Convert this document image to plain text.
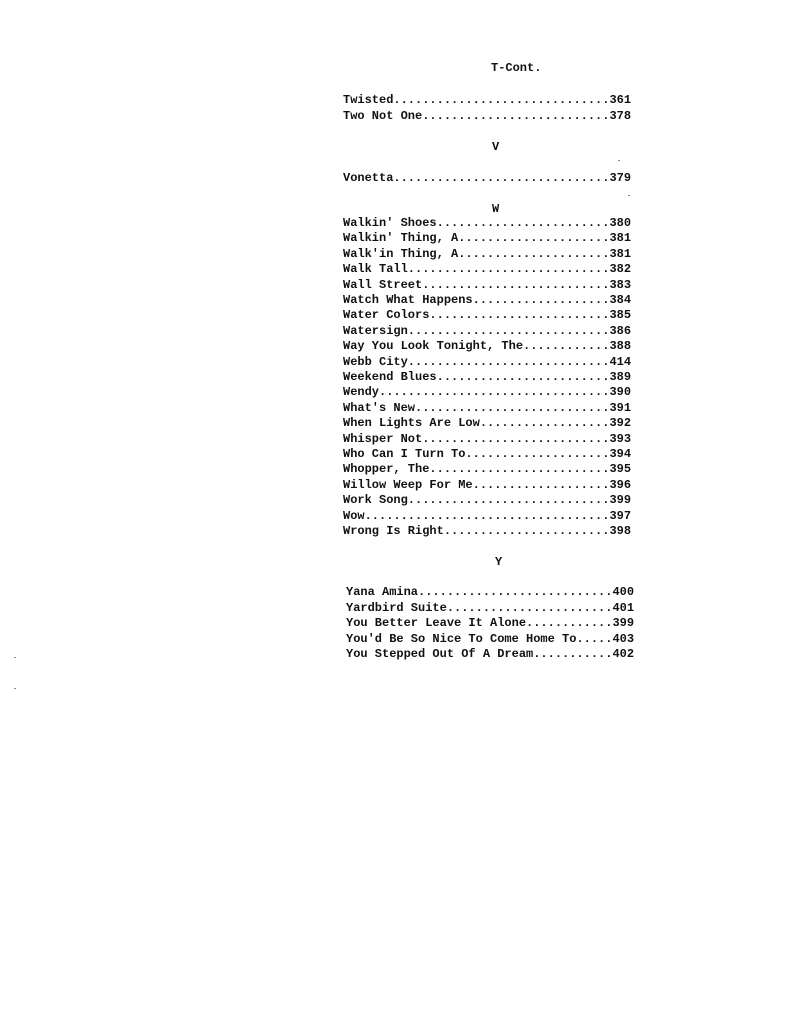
T-Cont.
Twisted..............................361
Two Not One..........................378
V
Vonetta..............................379
W
Walkin' Shoes........................380
Walkin' Thing, A.....................381
Walk'in Thing, A.....................381
Walk Tall............................382
Wall Street..........................383
Watch What Happens...................384
Water Colors.........................385
Watersign............................386
Way You Look Tonight, The............388
Webb City............................414
Weekend Blues........................389
Wendy................................390
What's New...........................391
When Lights Are Low..................392
Whisper Not..........................393
Who Can I Turn To....................394
Whopper, The.........................395
Willow Weep For Me...................396
Work Song............................399
Wow..................................397
Wrong Is Right.......................398
Y
Yana Amina...........................400
Yardbird Suite.......................401
You Better Leave It Alone............399
You'd Be So Nice To Come Home To.....403
You Stepped Out Of A Dream...........402
